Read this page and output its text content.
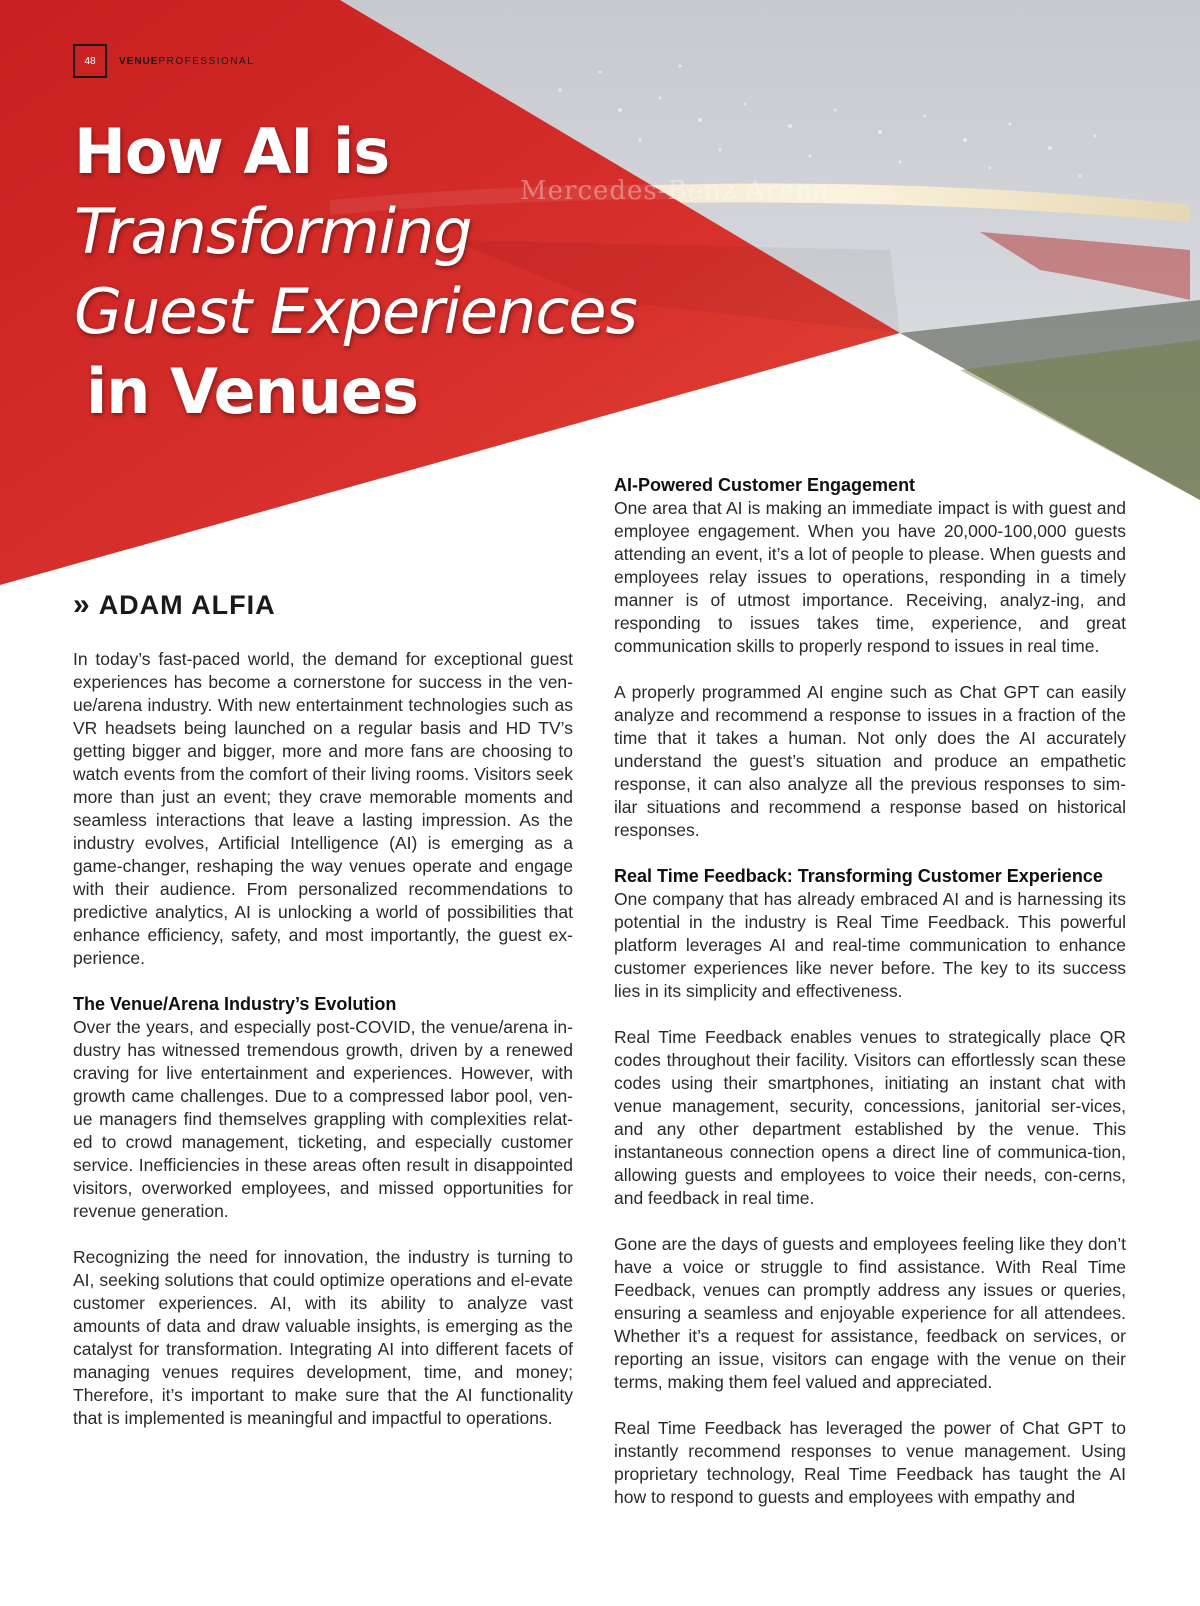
Mercedes-Benz Arena
48	VENUEPROFESSIONAL
How AI is
Transforming
Guest Experiences
in Venues
» ADAM ALFIA

In today’s fast-paced world, the demand for exceptional guest experiences has become a cornerstone for success in the ven-ue/arena industry. With new entertainment technologies such as VR headsets being launched on a regular basis and HD TV’s getting bigger and bigger, more and more fans are choosing to watch events from the comfort of their living rooms. Visitors seek more than just an event; they crave memorable moments and seamless interactions that leave a lasting impression. As the industry evolves, Artificial Intelligence (AI) is emerging as a game-changer, reshaping the way venues operate and engage with their audience. From personalized recommendations to predictive analytics, AI is unlocking a world of possibilities that enhance efficiency, safety, and most importantly, the guest ex-perience.

The Venue/Arena Industry’s Evolution

Over the years, and especially post-COVID, the venue/arena in-dustry has witnessed tremendous growth, driven by a renewed craving for live entertainment and experiences. However, with growth came challenges. Due to a compressed labor pool, ven-ue managers find themselves grappling with complexities relat-ed to crowd management, ticketing, and especially customer service. Inefficiencies in these areas often result in disappointed visitors, overworked employees, and missed opportunities for revenue generation.

Recognizing the need for innovation, the industry is turning to AI, seeking solutions that could optimize operations and el-evate customer experiences. AI, with its ability to analyze vast amounts of data and draw valuable insights, is emerging as the catalyst for transformation. Integrating AI into different facets of managing venues requires development, time, and money; Therefore, it’s important to make sure that the AI functionality that is implemented is meaningful and impactful to operations.

AI-Powered Customer Engagement

One area that AI is making an immediate impact is with guest and employee engagement. When you have 20,000-100,000 guests attending an event, it’s a lot of people to please. When guests and employees relay issues to operations, responding in a timely manner is of utmost importance. Receiving, analyz-ing, and responding to issues takes time, experience, and great communication skills to properly respond to issues in real time.

A properly programmed AI engine such as Chat GPT can easily analyze and recommend a response to issues in a fraction of the time that it takes a human. Not only does the AI accurately understand the guest’s situation and produce an empathetic response, it can also analyze all the previous responses to sim-ilar situations and recommend a response based on historical responses.

Real Time Feedback: Transforming Customer Experience

One company that has already embraced AI and is harnessing its potential in the industry is Real Time Feedback. This powerful platform leverages AI and real-time communication to enhance customer experiences like never before. The key to its success lies in its simplicity and effectiveness.

Real Time Feedback enables venues to strategically place QR codes throughout their facility. Visitors can effortlessly scan these codes using their smartphones, initiating an instant chat with venue management, security, concessions, janitorial ser-vices, and any other department established by the venue. This instantaneous connection opens a direct line of communica-tion, allowing guests and employees to voice their needs, con-cerns, and feedback in real time.

Gone are the days of guests and employees feeling like they don’t have a voice or struggle to find assistance. With Real Time Feedback, venues can promptly address any issues or queries, ensuring a seamless and enjoyable experience for all attendees. Whether it’s a request for assistance, feedback on services, or reporting an issue, visitors can engage with the venue on their terms, making them feel valued and appreciated.

Real Time Feedback has leveraged the power of Chat GPT to instantly recommend responses to venue management. Using proprietary technology, Real Time Feedback has taught the AI how to respond to guests and employees with empathy and
